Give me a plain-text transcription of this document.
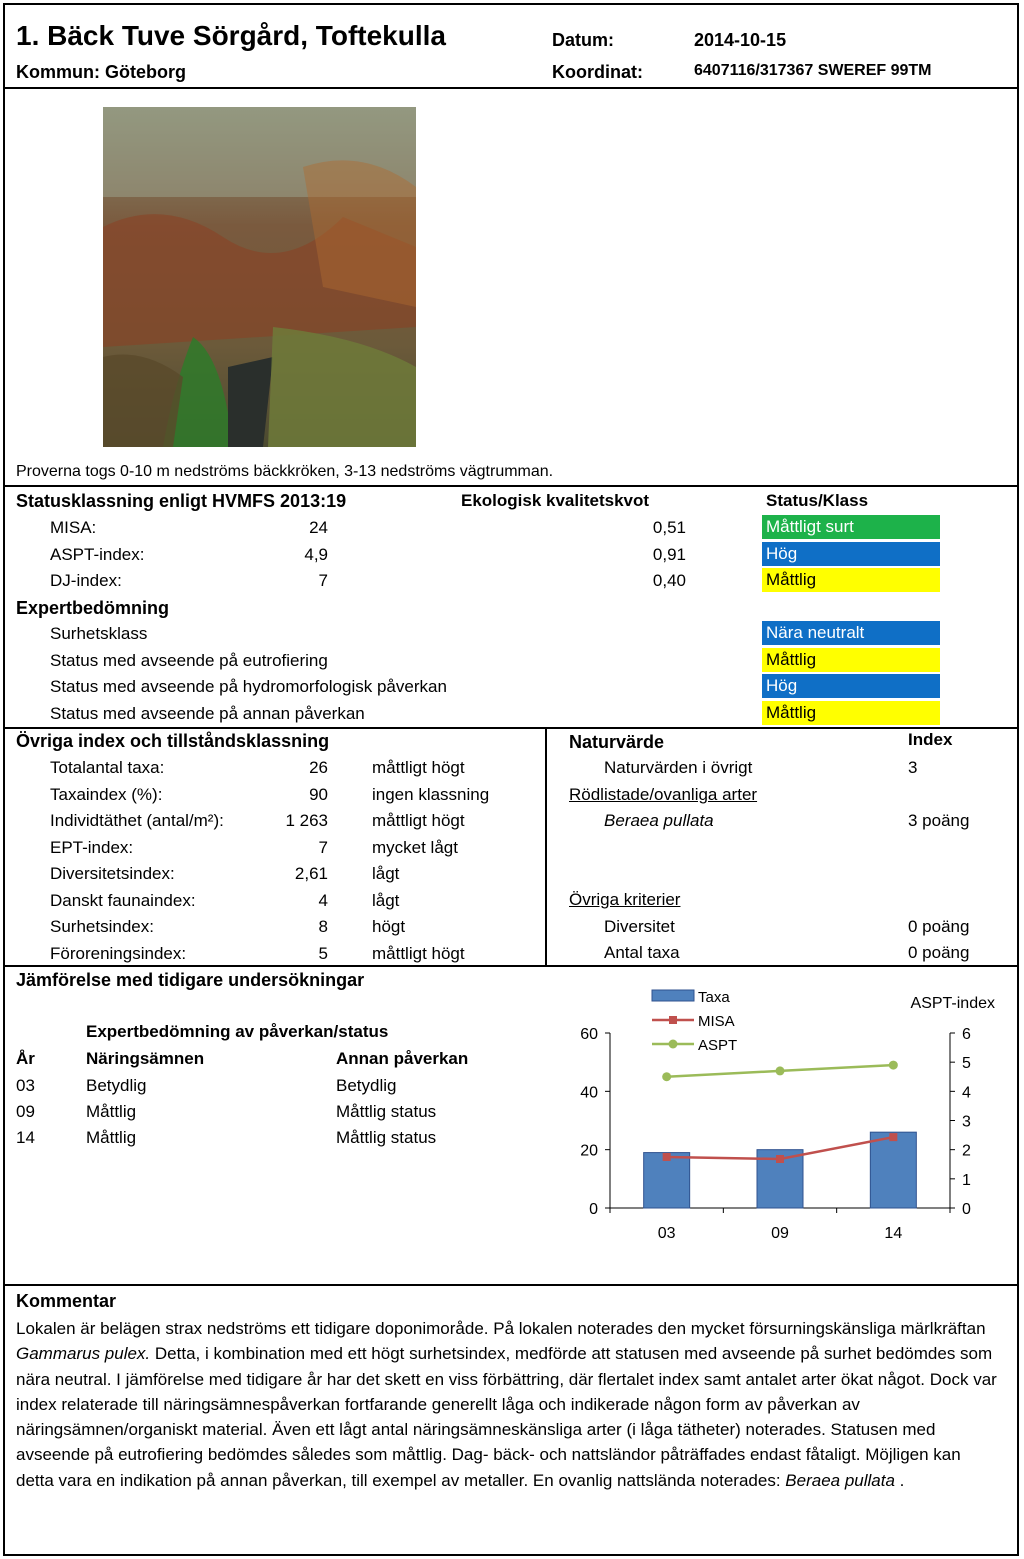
1. Bäck Tuve Sörgård, Toftekulla
Kommun: Göteborg
Datum:	2014-10-15
Koordinat:	6407116/317367 SWEREF 99TM
Proverna togs 0-10 m nedströms bäckkröken, 3-13 nedströms vägtrumman.
Statusklassning enligt HVMFS 2013:19	Ekologisk kvalitetskvot	Status/Klass
MISA:	24	0,51	Måttligt surt
ASPT-index:	4,9	0,91	Hög
DJ-index:	7	0,40	Måttlig
Expertbedömning
Surhetsklass	Nära neutralt
Status med avseende på eutrofiering	Måttlig
Status med avseende på hydromorfologisk påverkan	Hög
Status med avseende på annan påverkan	Måttlig
Övriga index och tillståndsklassning
Totalantal taxa:	26	måttligt högt
Taxaindex (%):	90	ingen klassning
Individtäthet (antal/m²):	1 263	måttligt högt
EPT-index:	7	mycket lågt
Diversitetsindex:	2,61	lågt
Danskt faunaindex:	4	lågt
Surhetsindex:	8	högt
Föroreningsindex:	5	måttligt högt
Naturvärde	Index
Naturvärden i övrigt	3
Rödlistade/ovanliga arter
Beraea pullata	3 poäng
Övriga kriterier
Diversitet	0 poäng
Antal taxa	0 poäng
Jämförelse med tidigare undersökningar
Expertbedömning av påverkan/status
År	Näringsämnen	Annan påverkan
03	Betydlig	Betydlig
09	Måttlig	Måttlig status
14	Måttlig	Måttlig status
0
20
40
60
0
1
2
3
4
5
6
03	09	14
Taxa
MISA
ASPT
ASPT-index
Kommentar
Lokalen är belägen strax nedströms ett tidigare doponimoråde. På lokalen noterades den mycket försurningskänsliga märlkräftan Gammarus pulex. Detta, i kombination med ett högt surhetsindex, medförde att statusen med avseende på surhet bedömdes som nära neutral. I jämförelse med tidigare år har det skett en viss förbättring, där flertalet index samt antalet arter ökat något. Dock var index relaterade till näringsämnespåverkan fortfarande generellt låga och indikerade någon form av påverkan av näringsämnen/organiskt material. Även ett lågt antal näringsämneskänsliga arter (i låga tätheter) noterades. Statusen med avseende på eutrofiering bedömdes således som måttlig. Dag- bäck- och nattsländor påträffades endast fåtaligt. Möjligen kan detta vara en indikation på annan påverkan, till exempel av metaller. En ovanlig nattslända noterades: Beraea pullata .
